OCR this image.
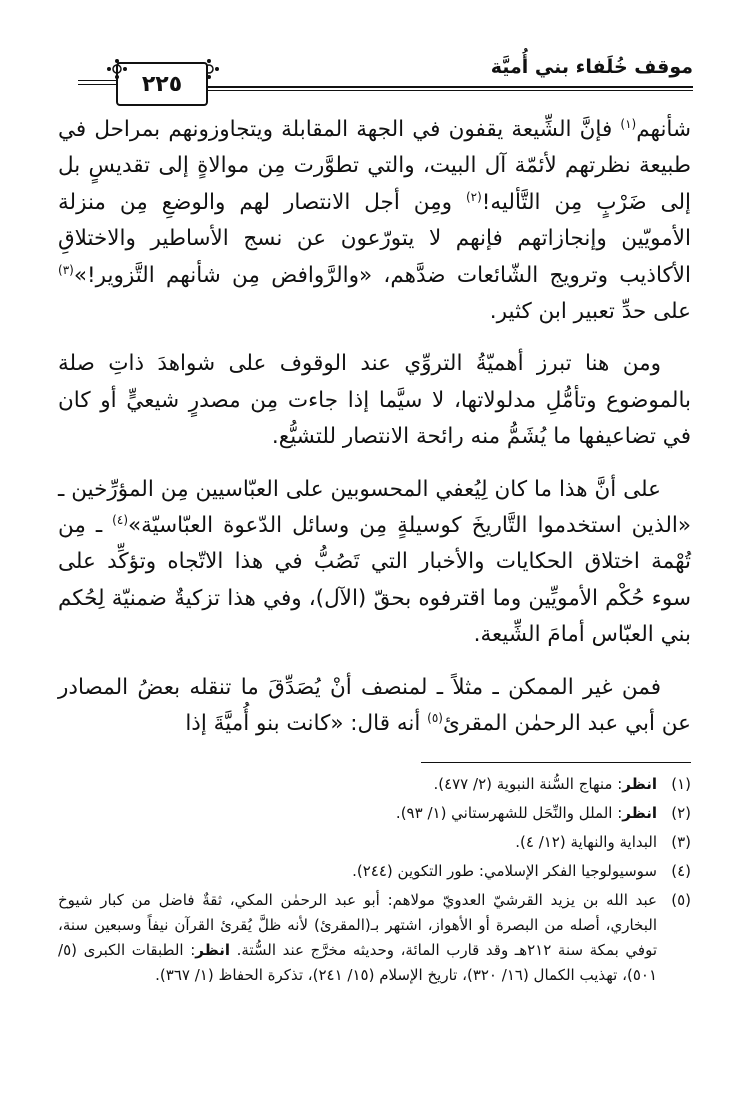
موقف خُلَفاء بني أُميَّة
٢٢٥

شأنهم$^{(١)}$ فإنَّ الشِّيعة يقفون في الجهة المقابلة ويتجاوزونهم بمراحل في طبيعة نظرتهم لأئمّة آل البيت، والتي تطوَّرت مِن موالاةٍ إلى تقديسٍ بل إلى ضَرْبٍ مِن التَّأليه!$^{(٢)}$ ومِن أجل الانتصار لهم والوضعِ مِن منزلة الأمويّين وإنجازاتهم فإنهم لا يتورّعون عن نسج الأساطير والاختلاقِ الأكاذيب وترويج الشّائعات ضدَّهم، «والرَّوافض مِن شأنهم التَّزوير!»$^{(٣)}$ على حدِّ تعبير ابن كثير.

ومن هنا تبرز أهميّةُ التروِّي عند الوقوف على شواهدَ ذاتِ صلة بالموضوع وتأمُّلِ مدلولاتها، لا سيَّما إذا جاءت مِن مصدرٍ شيعيٍّ أو كان في تضاعيفها ما يُشَمُّ منه رائحة الانتصار للتشيُّع.

على أنَّ هذا ما كان لِيُعفي المحسوبين على العبّاسيين مِن المؤرِّخين ـ «الذين استخدموا التَّاريخَ كوسيلةٍ مِن وسائل الدّعوة العبّاسيّة»$^{(٤)}$ ـ مِن تُهْمة اختلاق الحكايات والأخبار التي تَصُبُّ في هذا الاتّجاه وتؤكِّد على سوء حُكْم الأمويِّين وما اقترفوه بحقّ (الآل)، وفي هذا تزكيةٌ ضمنيّة لِحُكم بني العبّاس أمامَ الشِّيعة.

فمن غير الممكن ـ مثلاً ـ لمنصف أنْ يُصَدِّقَ ما تنقله بعضُ المصادر عن أبي عبد الرحمٰن المقرئ$^{(٥)}$ أنه قال: «كانت بنو أُميَّةَ إذا

(١)
انظر: منهاج السُّنة النبوية (٢/ ٤٧٧).
(٢)
انظر: الملل والنِّحَل للشهرستاني (١/ ٩٣).
(٣)
البداية والنهاية (١٢/ ٤).
(٤)
سوسيولوجيا الفكر الإسلامي: طور التكوين (٢٤٤).
(٥)
عبد الله بن يزيد القرشيّ العدويّ مولاهم: أبو عبد الرحمٰن المكي، ثقةٌ فاضل من كبار شيوخ البخاري، أصله من البصرة أو الأهواز، اشتهر بـ(المقرئ) لأنه ظلَّ يُقرئ القرآن نيفاً وسبعين سنة، توفي بمكة سنة ٢١٢هـ وقد قارب المائة، وحديثه مخرَّج عند السُّتة. انظر: الطبقات الكبرى (٥/ ٥٠١)، تهذيب الكمال (١٦/ ٣٢٠)، تاريخ الإسلام (١٥/ ٢٤١)، تذكرة الحفاظ (١/ ٣٦٧).
